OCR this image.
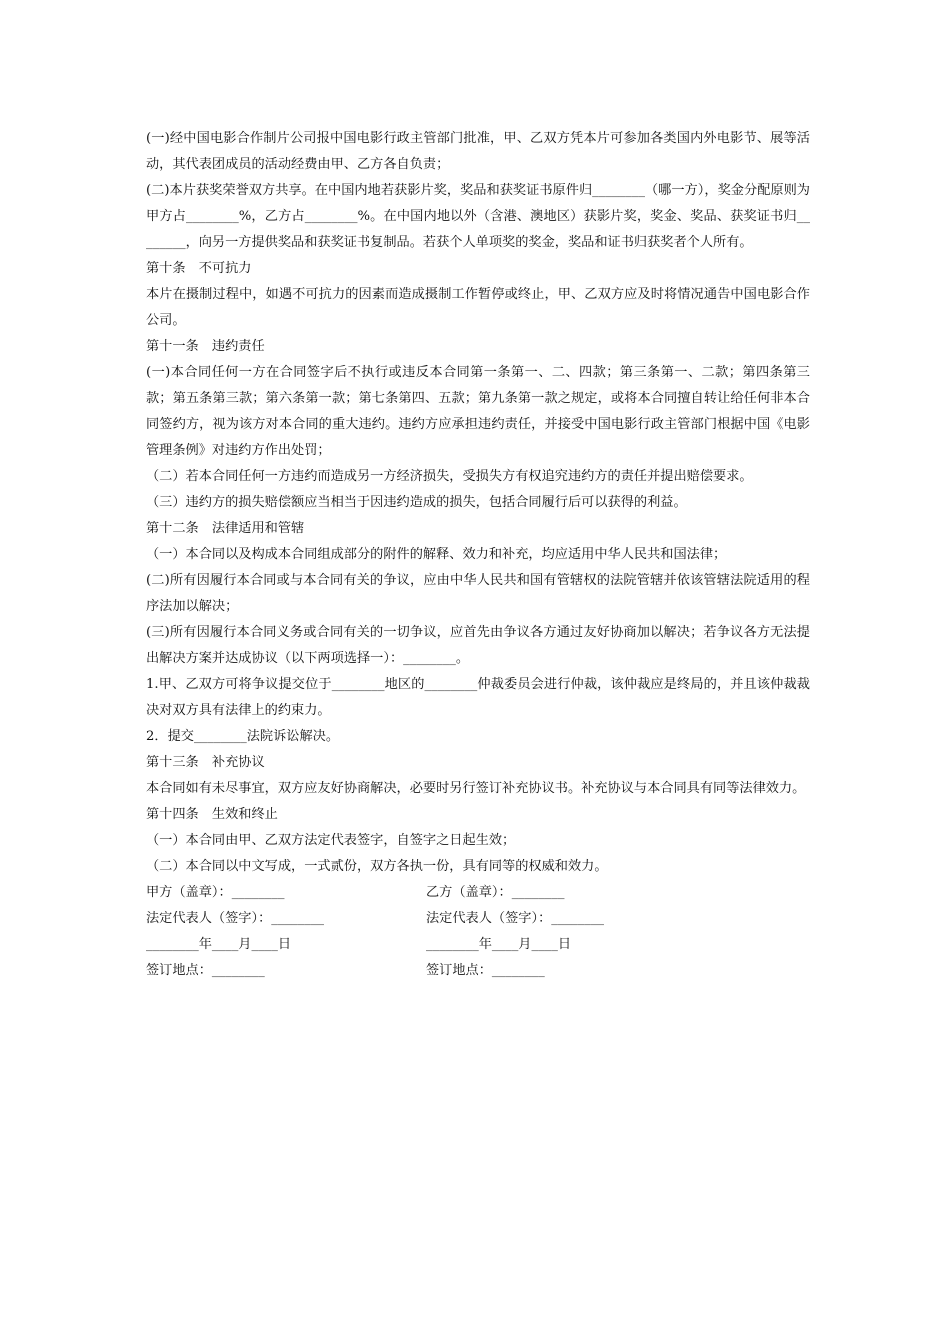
(一)经中国电影合作制片公司报中国电影行政主管部门批准，甲、乙双方凭本片可参加各类国内外电影节、展等活动，其代表团成员的活动经费由甲、乙方各自负责；

(二)本片获奖荣誉双方共享。在中国内地若获影片奖，奖品和获奖证书原件归________（哪一方），奖金分配原则为甲方占________%，乙方占________%。在中国内地以外（含港、澳地区）获影片奖，奖金、奖品、获奖证书归________，向另一方提供奖品和获奖证书复制品。若获个人单项奖的奖金，奖品和证书归获奖者个人所有。

第十条　不可抗力

本片在摄制过程中，如遇不可抗力的因素而造成摄制工作暂停或终止，甲、乙双方应及时将情况通告中国电影合作公司。

第十一条　违约责任

(一)本合同任何一方在合同签字后不执行或违反本合同第一条第一、二、四款；第三条第一、二款；第四条第三款；第五条第三款；第六条第一款；第七条第四、五款；第九条第一款之规定，或将本合同擅自转让给任何非本合同签约方，视为该方对本合同的重大违约。违约方应承担违约责任，并接受中国电影行政主管部门根据中国《电影管理条例》对违约方作出处罚；

（二）若本合同任何一方违约而造成另一方经济损失，受损失方有权追究违约方的责任并提出赔偿要求。

（三）违约方的损失赔偿额应当相当于因违约造成的损失，包括合同履行后可以获得的利益。

第十二条　法律适用和管辖

（一）本合同以及构成本合同组成部分的附件的解释、效力和补充，均应适用中华人民共和国法律；

(二)所有因履行本合同或与本合同有关的争议，应由中华人民共和国有管辖权的法院管辖并依该管辖法院适用的程序法加以解决；

(三)所有因履行本合同义务或合同有关的一切争议，应首先由争议各方通过友好协商加以解决；若争议各方无法提出解决方案并达成协议（以下两项选择一）：________。

1.甲、乙双方可将争议提交位于________地区的________仲裁委员会进行仲裁，该仲裁应是终局的，并且该仲裁裁决对双方具有法律上的约束力。

2．提交________法院诉讼解决。

第十三条　补充协议

本合同如有未尽事宜，双方应友好协商解决，必要时另行签订补充协议书。补充协议与本合同具有同等法律效力。

第十四条　生效和终止

（一）本合同由甲、乙双方法定代表签字，自签字之日起生效；

（二）本合同以中文写成，一式贰份，双方各执一份，具有同等的权威和效力。

甲方（盖章）：________	乙方（盖章）：________
法定代表人（签字）：________	法定代表人（签字）：________
________年____月____日	________年____月____日
签订地点：________	签订地点：________
